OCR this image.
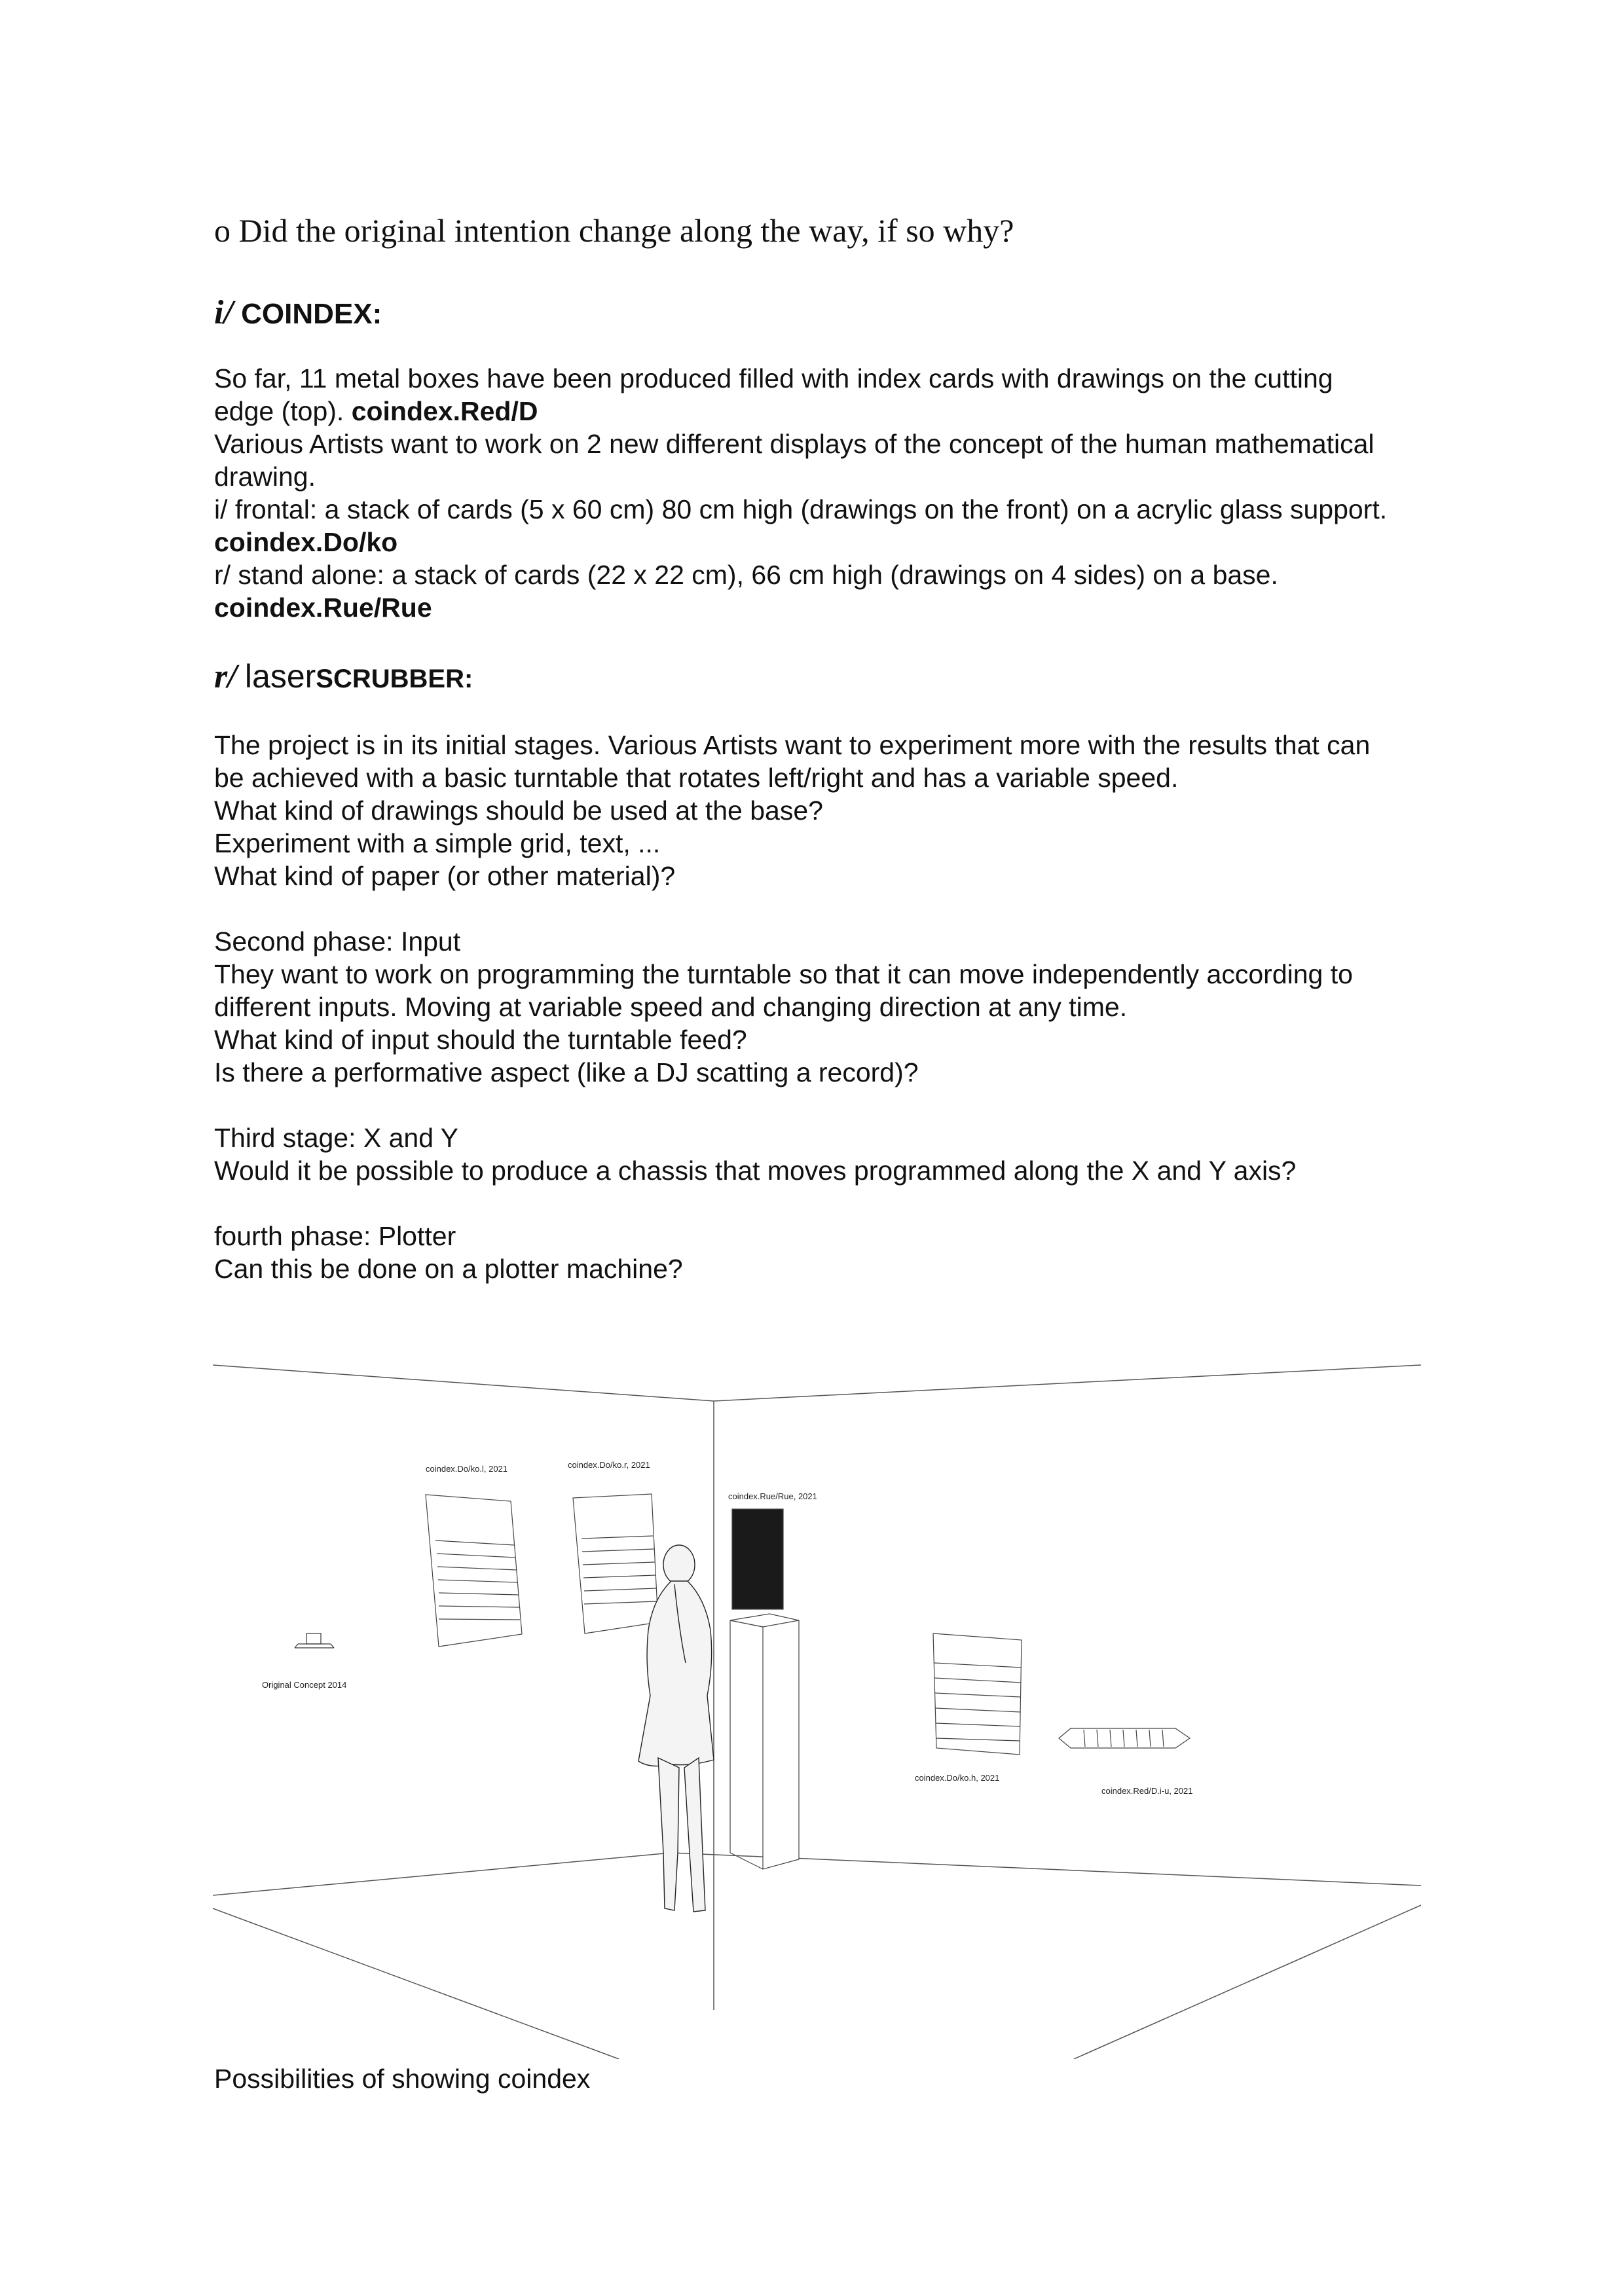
o Did the original intention change along the way, if so why?
i/ COINDEX:

So far, 11 metal boxes have been produced filled with index cards with drawings on the cutting

edge (top). coindex.Red/D

Various Artists want to work on 2 new different displays of the concept of the human mathematical

drawing.

i/ frontal: a stack of cards (5 x 60 cm) 80 cm high (drawings on the front) on a acrylic glass support.

coindex.Do/ko

r/ stand alone: a stack of cards (22 x 22 cm), 66 cm high (drawings on 4 sides) on a base.

coindex.Rue/Rue

r/ laserSCRUBBER:

The project is in its initial stages. Various Artists want to experiment more with the results that can

be achieved with a basic turntable that rotates left/right and has a variable speed.

What kind of drawings should be used at the base?

Experiment with a simple grid, text, ...

What kind of paper (or other material)?

Second phase: Input

They want to work on programming the turntable so that it can move independently according to

different inputs. Moving at variable speed and changing direction at any time.

What kind of input should the turntable feed?

Is there a performative aspect (like a DJ scatting a record)?

Third stage: X and Y

Would it be possible to produce a chassis that moves programmed along the X and Y axis?

fourth phase: Plotter

Can this be done on a plotter machine?

coindex.Do/ko.l, 2021	coindex.Do/ko.r, 2021
coindex.Rue/Rue, 2021
Original Concept 2014
coindex.Do/ko.h, 2021
coindex.Red/D.i-u, 2021
Possibilities of showing coindex
